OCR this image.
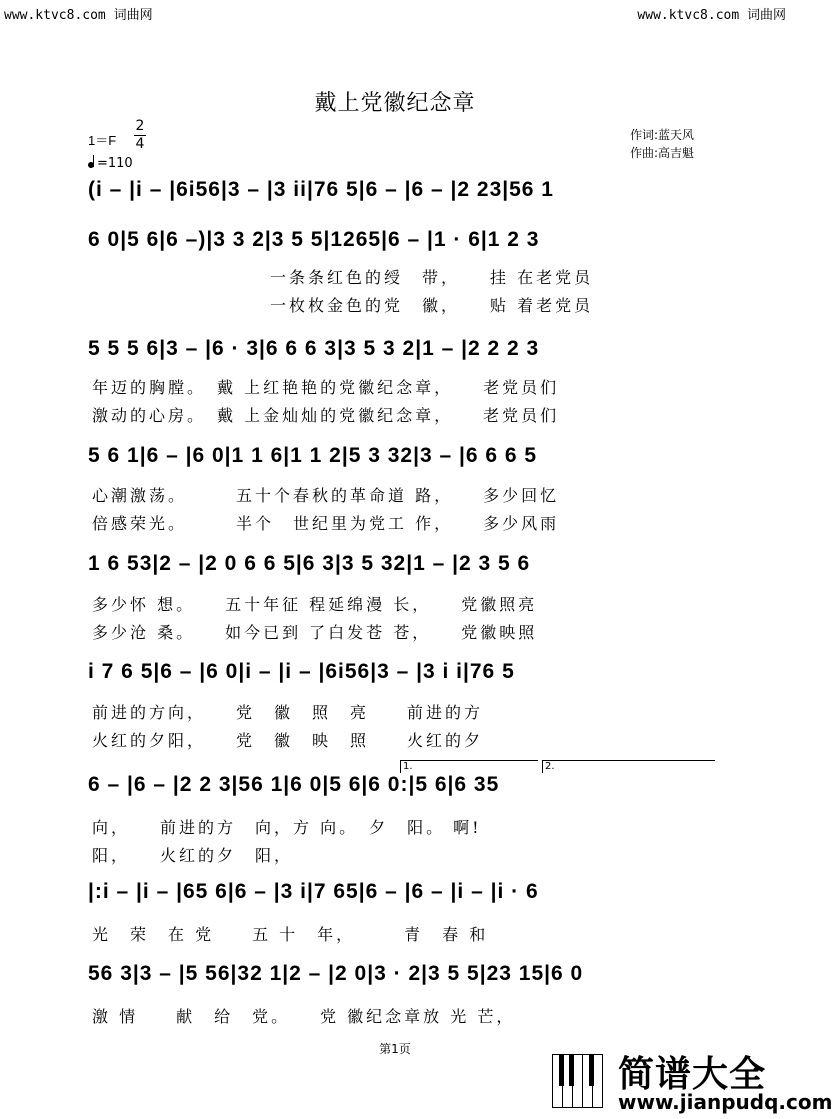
www.ktvc8.com 词曲网	www.ktvc8.com 词曲网
戴上党徽纪念章
作词:蓝天风
作曲:高吉魁
1＝F
2
4
=110
(i – |i – |6i56|3 – |3 ii|76 5|6 – |6 – |2 23|56 1
6 0|5 6|6 –)|3 3 2|3 5 5|1265|6 – |1 · 6|1 2 3
一条条红色的绶　带，　　挂 在老党员
一枚枚金色的党　徽，　　贴 着老党员
5 5 5 6|3 – |6 · 3|6 6 6 3|3 5 3 2|1 – |2 2 2 3
年迈的胸膛。　戴 上红艳艳的党徽纪念章，　　老党员们
激动的心房。　戴 上金灿灿的党徽纪念章，　　老党员们
5 6 1|6 – |6 0|1 1 6|1 1 2|5 3 32|3 – |6 6 6 5
心潮激荡。　　　五十个春秋的革命道 路，　　多少回忆
倍感荣光。　　　半个　世纪里为党工 作，　　多少风雨
1 6 53|2 – |2 0 6 6 5|6 3|3 5 32|1 – |2 3 5 6
多少怀 想。　　五十年征 程延绵漫 长，　　党徽照亮
多少沧 桑。　　如今已到 了白发苍 苍，　　党徽映照
i 7 6 5|6 – |6 0|i – |i – |6i56|3 – |3 i i|76 5
前进的方向，　　党　徽　照　亮　　前进的方
火红的夕阳，　　党　徽　映　照　　火红的夕
1.	2.
6 – |6 – |2 2 3|56 1|6 0|5 6|6 0:|5 6|6 35
向，　　前进的方　向，方 向。　夕　阳。 啊!
阳，　　火红的夕　阳，
|:i – |i – |65 6|6 – |3 i|7 65|6 – |6 – |i – |i · 6
光　荣　在 党　　五 十　年，　　　青　春 和
56 3|3 – |5 56|32 1|2 – |2 0|3 · 2|3 5 5|23 15|6 0
激 情　　献　给　党。　　党 徽纪念章放 光 芒，
第1页
简谱大全
www.jianpudq.com
